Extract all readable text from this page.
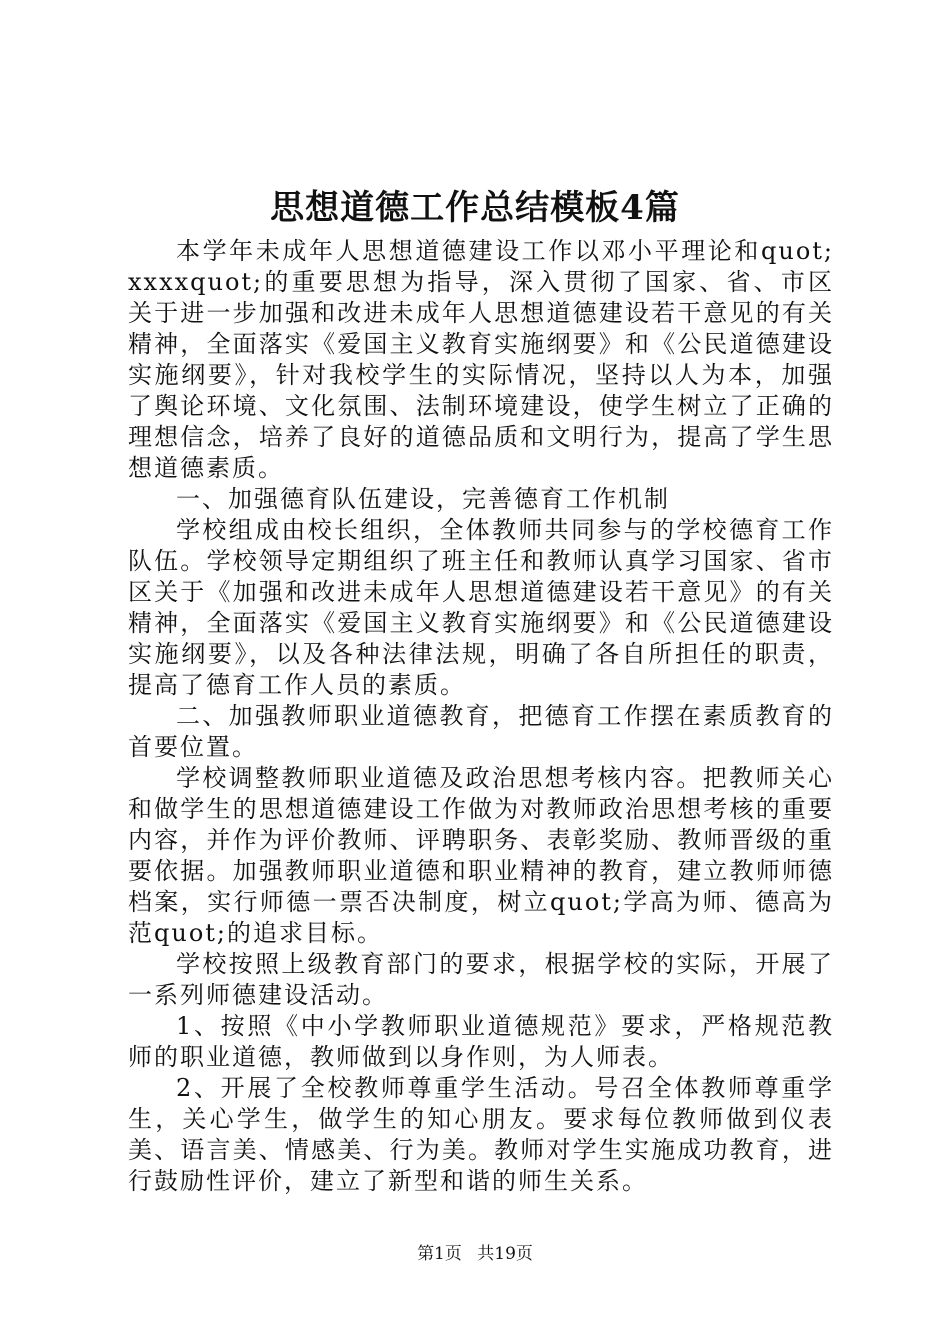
思想道德工作总结模板4篇

本学年未成年人思想道德建设工作以邓小平理论和quot;xxxxquot;的重要思想为指导，深入贯彻了国家、省、市区关于进一步加强和改进未成年人思想道德建设若干意见的有关精神，全面落实《爱国主义教育实施纲要》和《公民道德建设实施纲要》，针对我校学生的实际情况，坚持以人为本，加强了舆论环境、文化氛围、法制环境建设，使学生树立了正确的理想信念，培养了良好的道德品质和文明行为，提高了学生思想道德素质。

一、加强德育队伍建设，完善德育工作机制

学校组成由校长组织，全体教师共同参与的学校德育工作队伍。学校领导定期组织了班主任和教师认真学习国家、省市区关于《加强和改进未成年人思想道德建设若干意见》的有关精神，全面落实《爱国主义教育实施纲要》和《公民道德建设实施纲要》，以及各种法律法规，明确了各自所担任的职责，提高了德育工作人员的素质。

二、加强教师职业道德教育，把德育工作摆在素质教育的首要位置。

学校调整教师职业道德及政治思想考核内容。把教师关心和做学生的思想道德建设工作做为对教师政治思想考核的重要内容，并作为评价教师、评聘职务、表彰奖励、教师晋级的重要依据。加强教师职业道德和职业精神的教育，建立教师师德档案，实行师德一票否决制度，树立quot;学高为师、德高为范quot;的追求目标。

学校按照上级教育部门的要求，根据学校的实际，开展了一系列师德建设活动。

1、按照《中小学教师职业道德规范》要求，严格规范教师的职业道德，教师做到以身作则，为人师表。

2、开展了全校教师尊重学生活动。号召全体教师尊重学生，关心学生，做学生的知心朋友。要求每位教师做到仪表美、语言美、情感美、行为美。教师对学生实施成功教育，进行鼓励性评价，建立了新型和谐的师生关系。

第1页 共19页
